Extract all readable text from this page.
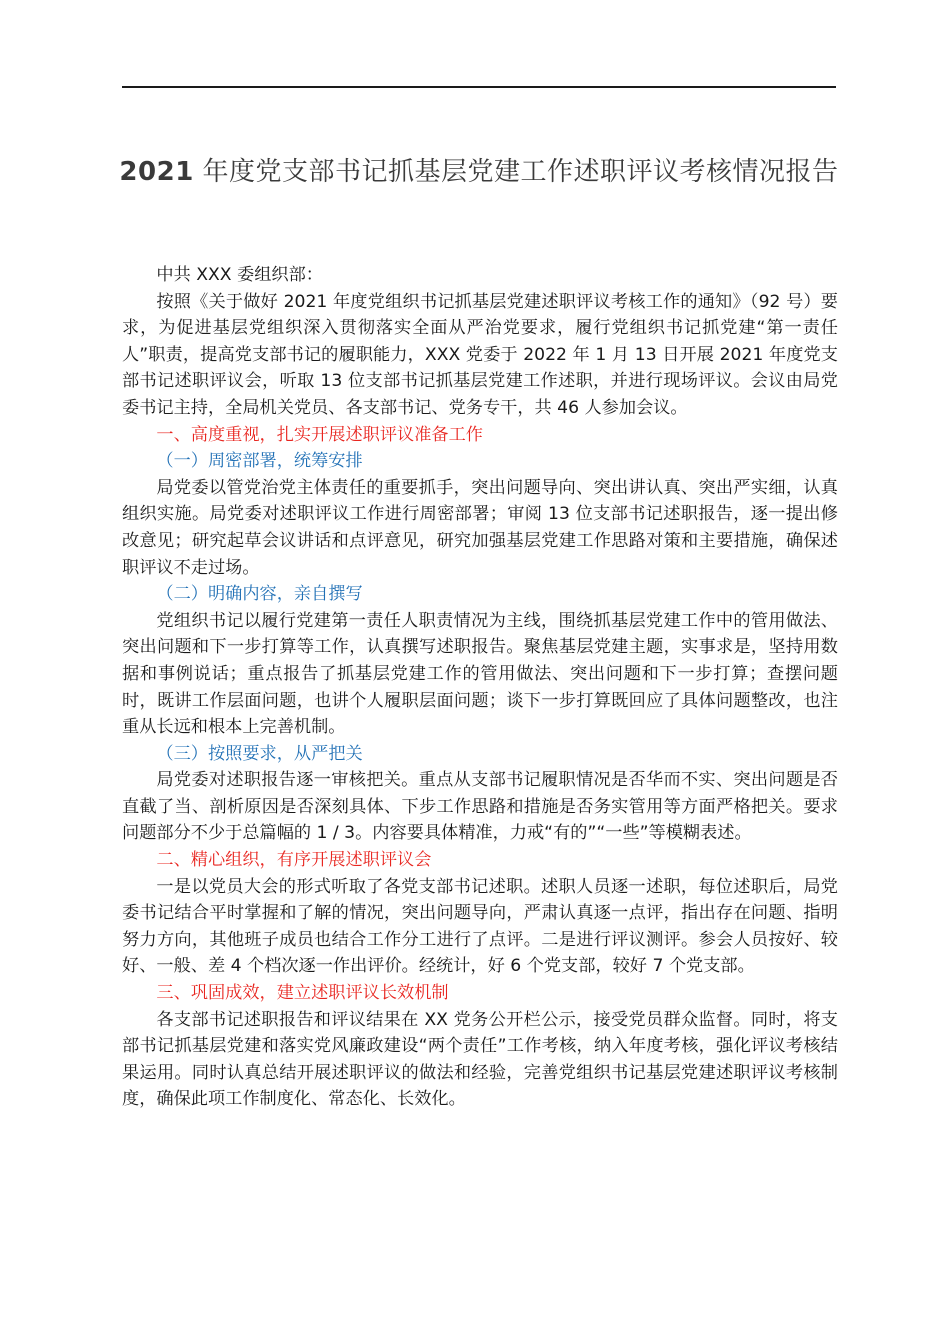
2021 年度党支部书记抓基层党建工作述职评议考核情况报告

中共 XXX 委组织部：

按照《关于做好 2021 年度党组织书记抓基层党建述职评议考核工作的通知》（92 号）要求，为促进基层党组织深入贯彻落实全面从严治党要求，履行党组织书记抓党建“第一责任人”职责，提高党支部书记的履职能力，XXX 党委于 2022 年 1 月 13 日开展 2021 年度党支部书记述职评议会，听取 13 位支部书记抓基层党建工作述职，并进行现场评议。会议由局党委书记主持，全局机关党员、各支部书记、党务专干，共 46 人参加会议。

一、高度重视，扎实开展述职评议准备工作

（一）周密部署，统筹安排

局党委以管党治党主体责任的重要抓手，突出问题导向、突出讲认真、突出严实细，认真组织实施。局党委对述职评议工作进行周密部署；审阅 13 位支部书记述职报告，逐一提出修改意见；研究起草会议讲话和点评意见，研究加强基层党建工作思路对策和主要措施，确保述职评议不走过场。

（二）明确内容，亲自撰写

党组织书记以履行党建第一责任人职责情况为主线，围绕抓基层党建工作中的管用做法、突出问题和下一步打算等工作，认真撰写述职报告。聚焦基层党建主题，实事求是，坚持用数据和事例说话；重点报告了抓基层党建工作的管用做法、突出问题和下一步打算；查摆问题时，既讲工作层面问题，也讲个人履职层面问题；谈下一步打算既回应了具体问题整改，也注重从长远和根本上完善机制。

（三）按照要求，从严把关

局党委对述职报告逐一审核把关。重点从支部书记履职情况是否华而不实、突出问题是否直截了当、剖析原因是否深刻具体、下步工作思路和措施是否务实管用等方面严格把关。要求问题部分不少于总篇幅的 1 / 3。内容要具体精准，力戒“有的”“一些”等模糊表述。

二、精心组织，有序开展述职评议会

一是以党员大会的形式听取了各党支部书记述职。述职人员逐一述职，每位述职后，局党委书记结合平时掌握和了解的情况，突出问题导向，严肃认真逐一点评，指出存在问题、指明努力方向，其他班子成员也结合工作分工进行了点评。二是进行评议测评。参会人员按好、较好、一般、差 4 个档次逐一作出评价。经统计，好 6 个党支部，较好 7 个党支部。

三、巩固成效，建立述职评议长效机制

各支部书记述职报告和评议结果在 XX 党务公开栏公示，接受党员群众监督。同时，将支部书记抓基层党建和落实党风廉政建设“两个责任”工作考核，纳入年度考核，强化评议考核结果运用。同时认真总结开展述职评议的做法和经验，完善党组织书记基层党建述职评议考核制度，确保此项工作制度化、常态化、长效化。
